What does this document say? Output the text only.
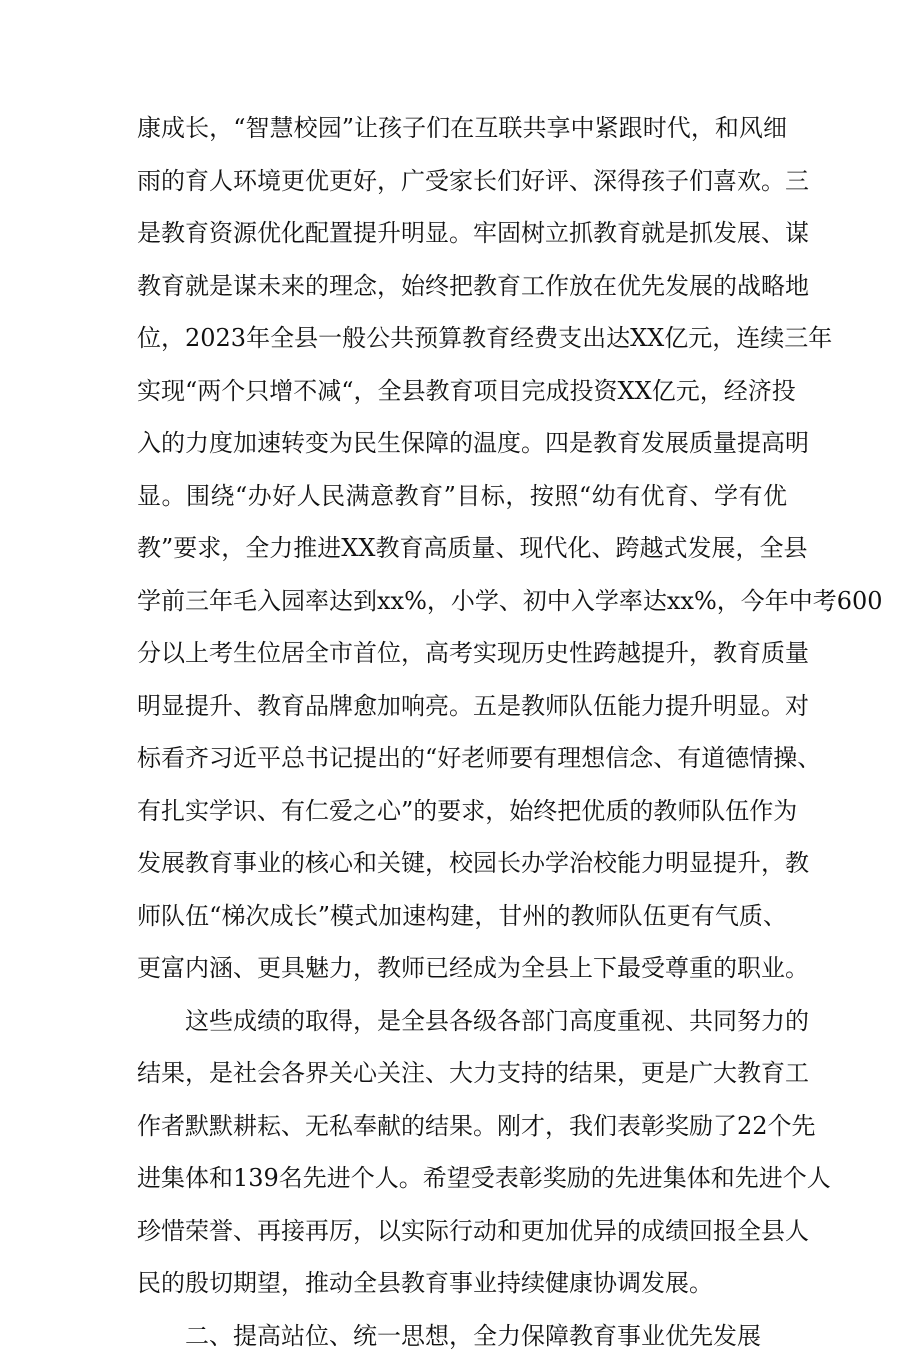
康成长，“智慧校园”让孩子们在互联共享中紧跟时代，和风细
雨的育人环境更优更好，广受家长们好评、深得孩子们喜欢。三
是教育资源优化配置提升明显。牢固树立抓教育就是抓发展、谋
教育就是谋未来的理念，始终把教育工作放在优先发展的战略地
位，2023年全县一般公共预算教育经费支出达XX亿元，连续三年
实现“两个只增不减“，全县教育项目完成投资XX亿元，经济投
入的力度加速转变为民生保障的温度。四是教育发展质量提高明
显。围绕“办好人民满意教育”目标，按照“幼有优育、学有优
教”要求，全力推进XX教育高质量、现代化、跨越式发展，全县
学前三年毛入园率达到xx%，小学、初中入学率达xx%，今年中考600
分以上考生位居全市首位，高考实现历史性跨越提升，教育质量
明显提升、教育品牌愈加响亮。五是教师队伍能力提升明显。对
标看齐习近平总书记提出的“好老师要有理想信念、有道德情操、
有扎实学识、有仁爱之心”的要求，始终把优质的教师队伍作为
发展教育事业的核心和关键，校园长办学治校能力明显提升，教
师队伍“梯次成长”模式加速构建，甘州的教师队伍更有气质、
更富内涵、更具魅力，教师已经成为全县上下最受尊重的职业。
这些成绩的取得，是全县各级各部门高度重视、共同努力的
结果，是社会各界关心关注、大力支持的结果，更是广大教育工
作者默默耕耘、无私奉献的结果。刚才，我们表彰奖励了22个先
进集体和139名先进个人。希望受表彰奖励的先进集体和先进个人
珍惜荣誉、再接再厉，以实际行动和更加优异的成绩回报全县人
民的殷切期望，推动全县教育事业持续健康协调发展。
二、提高站位、统一思想，全力保障教育事业优先发展
